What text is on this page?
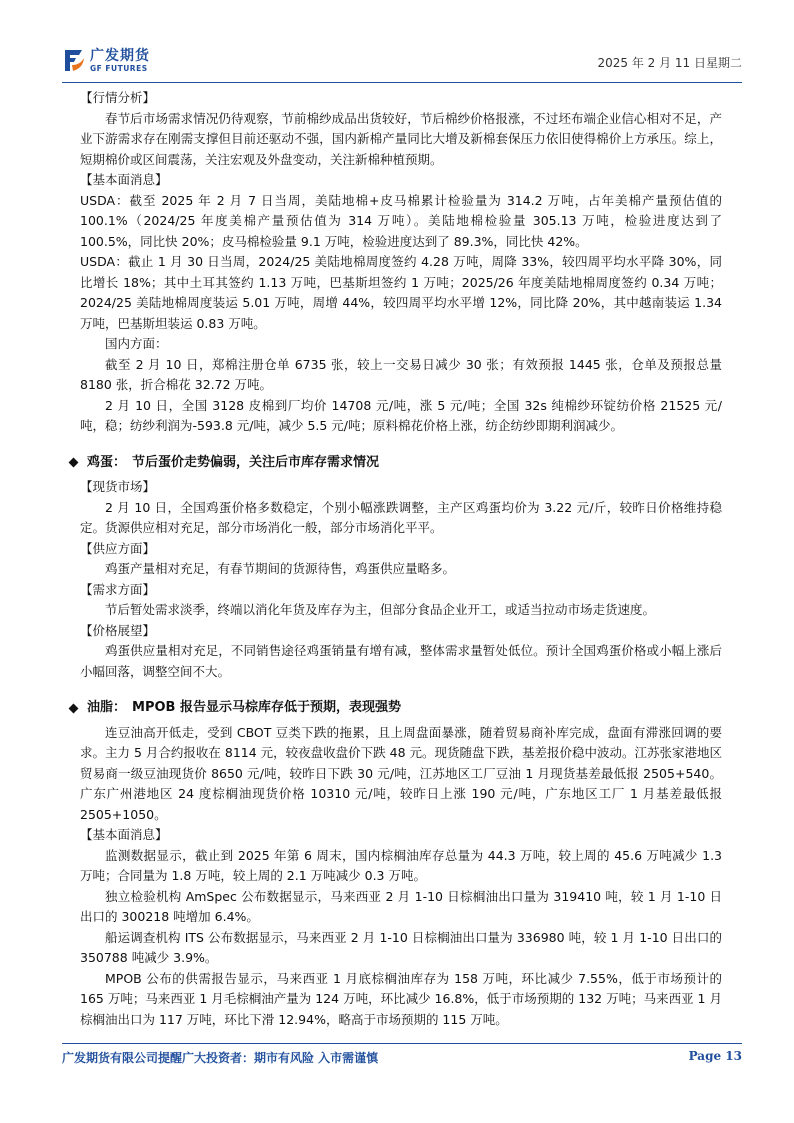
广发期货
GF FUTURES	2025 年 2 月 11 日星期二

【行情分析】

春节后市场需求情况仍待观察，节前棉纱成品出货较好，节后棉纱价格报涨，不过坯布端企业信心相对不足，产业下游需求存在刚需支撑但目前还驱动不强，国内新棉产量同比大增及新棉套保压力依旧使得棉价上方承压。综上，短期棉价或区间震荡，关注宏观及外盘变动，关注新棉种植预期。

【基本面消息】

USDA：截至 2025 年 2 月 7 日当周，美陆地棉+皮马棉累计检验量为 314.2 万吨，占年美棉产量预估值的 100.1%（2024/25 年度美棉产量预估值为 314 万吨）。美陆地棉检验量 305.13 万吨，检验进度达到了 100.5%，同比快 20%；皮马棉检验量 9.1 万吨，检验进度达到了 89.3%，同比快 42%。

USDA：截止 1 月 30 日当周，2024/25 美陆地棉周度签约 4.28 万吨，周降 33%，较四周平均水平降 30%，同比增长 18%；其中土耳其签约 1.13 万吨，巴基斯坦签约 1 万吨；2025/26 年度美陆地棉周度签约 0.34 万吨；2024/25 美陆地棉周度装运 5.01 万吨，周增 44%，较四周平均水平增 12%，同比降 20%，其中越南装运 1.34 万吨，巴基斯坦装运 0.83 万吨。

国内方面：

截至 2 月 10 日，郑棉注册仓单 6735 张，较上一交易日减少 30 张；有效预报 1445 张，仓单及预报总量 8180 张，折合棉花 32.72 万吨。

2 月 10 日，全国 3128 皮棉到厂均价 14708 元/吨，涨 5 元/吨；全国 32s 纯棉纱环锭纺价格 21525 元/吨，稳；纺纱利润为-593.8 元/吨，减少 5.5 元/吨；原料棉花价格上涨，纺企纺纱即期利润减少。

鸡蛋： 节后蛋价走势偏弱，关注后市库存需求情况

【现货市场】

2 月 10 日，全国鸡蛋价格多数稳定，个别小幅涨跌调整，主产区鸡蛋均价为 3.22 元/斤，较昨日价格维持稳定。货源供应相对充足，部分市场消化一般，部分市场消化平平。

【供应方面】

鸡蛋产量相对充足，有春节期间的货源待售，鸡蛋供应量略多。

【需求方面】

节后暂处需求淡季，终端以消化年货及库存为主，但部分食品企业开工，或适当拉动市场走货速度。

【价格展望】

鸡蛋供应量相对充足，不同销售途径鸡蛋销量有增有减，整体需求量暂处低位。预计全国鸡蛋价格或小幅上涨后小幅回落，调整空间不大。

油脂： MPOB 报告显示马棕库存低于预期，表现强势

连豆油高开低走，受到 CBOT 豆类下跌的拖累，且上周盘面暴涨，随着贸易商补库完成，盘面有滞涨回调的要求。主力 5 月合约报收在 8114 元，较夜盘收盘价下跌 48 元。现货随盘下跌，基差报价稳中波动。江苏张家港地区贸易商一级豆油现货价 8650 元/吨，较昨日下跌 30 元/吨，江苏地区工厂豆油 1 月现货基差最低报 2505+540。广东广州港地区 24 度棕榈油现货价格 10310 元/吨，较昨日上涨 190 元/吨，广东地区工厂 1 月基差最低报 2505+1050。

【基本面消息】

监测数据显示，截止到 2025 年第 6 周末，国内棕榈油库存总量为 44.3 万吨，较上周的 45.6 万吨减少 1.3 万吨；合同量为 1.8 万吨，较上周的 2.1 万吨减少 0.3 万吨。

独立检验机构 AmSpec 公布数据显示，马来西亚 2 月 1-10 日棕榈油出口量为 319410 吨，较 1 月 1-10 日出口的 300218 吨增加 6.4%。

船运调查机构 ITS 公布数据显示，马来西亚 2 月 1-10 日棕榈油出口量为 336980 吨，较 1 月 1-10 日出口的 350788 吨减少 3.9%。

MPOB 公布的供需报告显示，马来西亚 1 月底棕榈油库存为 158 万吨，环比减少 7.55%，低于市场预计的 165 万吨；马来西亚 1 月毛棕榈油产量为 124 万吨，环比减少 16.8%，低于市场预期的 132 万吨；马来西亚 1 月棕榈油出口为 117 万吨，环比下滑 12.94%，略高于市场预期的 115 万吨。

广发期货有限公司提醒广大投资者：期市有风险 入市需谨慎	Page 13
